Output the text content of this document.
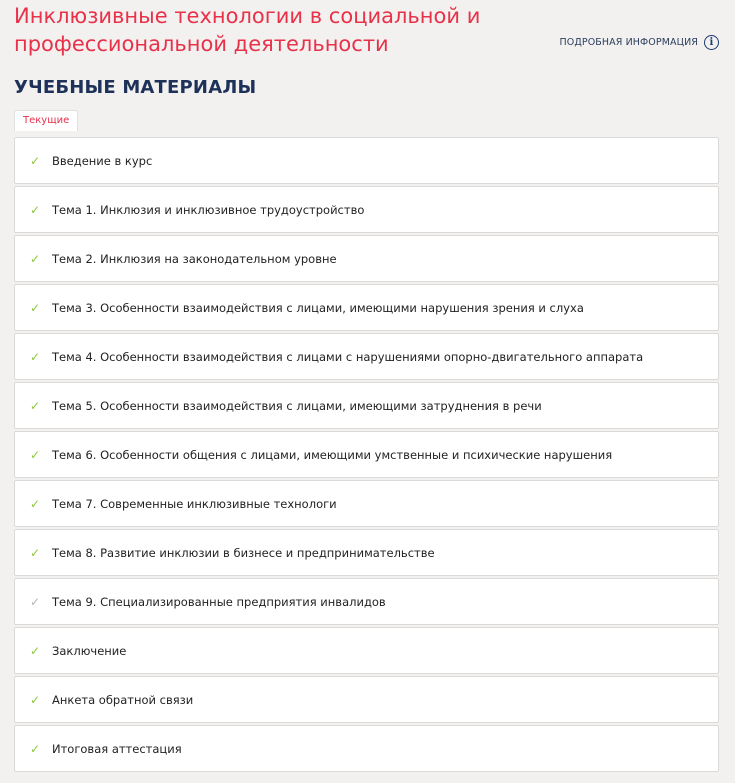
Инклюзивные технологии в социальной и профессиональной деятельности	ПОДРОБНАЯ ИНФОРМАЦИЯ	i
УЧЕБНЫЕ МАТЕРИАЛЫ
Текущие
✓ Введение в курс
✓ Тема 1. Инклюзия и инклюзивное трудоустройство
✓ Тема 2. Инклюзия на законодательном уровне
✓ Тема 3. Особенности взаимодействия с лицами, имеющими нарушения зрения и слуха
✓ Тема 4. Особенности взаимодействия с лицами с нарушениями опорно-двигательного аппарата
✓ Тема 5. Особенности взаимодействия с лицами, имеющими затруднения в речи
✓ Тема 6. Особенности общения с лицами, имеющими умственные и психические нарушения
✓ Тема 7. Современные инклюзивные технологи
✓ Тема 8. Развитие инклюзии в бизнесе и предпринимательстве
✓ Тема 9. Специализированные предприятия инвалидов
✓ Заключение
✓ Анкета обратной связи
✓ Итоговая аттестация
